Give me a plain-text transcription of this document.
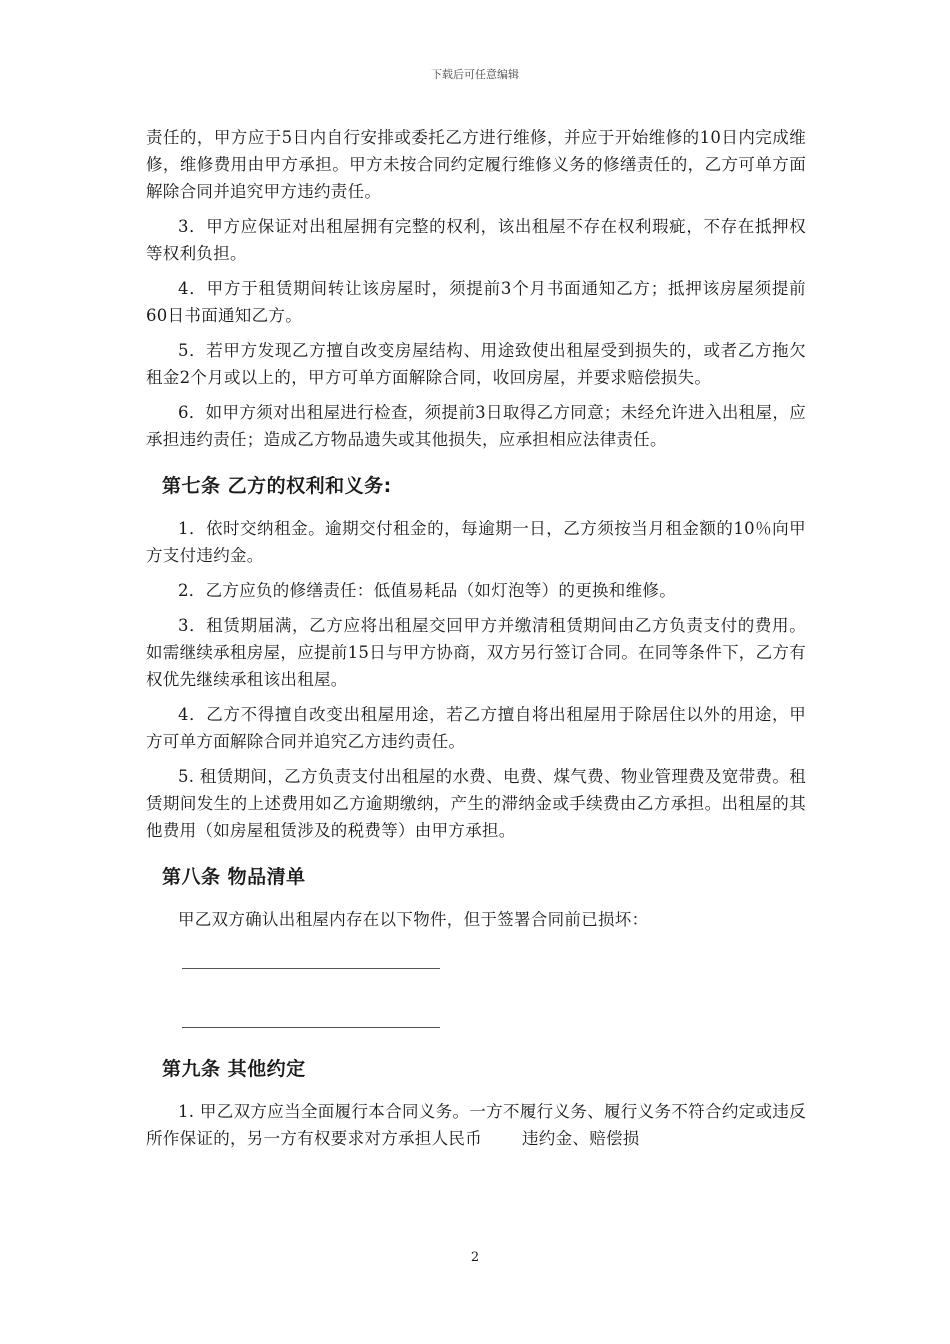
下载后可任意编辑

责任的，甲方应于5日内自行安排或委托乙方进行维修，并应于开始维修的10日内完成维修，维修费用由甲方承担。甲方未按合同约定履行维修义务的修缮责任的，乙方可单方面解除合同并追究甲方违约责任。

3．甲方应保证对出租屋拥有完整的权利，该出租屋不存在权利瑕疵，不存在抵押权等权利负担。

4．甲方于租赁期间转让该房屋时，须提前3个月书面通知乙方；抵押该房屋须提前60日书面通知乙方。

5．若甲方发现乙方擅自改变房屋结构、用途致使出租屋受到损失的，或者乙方拖欠租金2个月或以上的，甲方可单方面解除合同，收回房屋，并要求赔偿损失。

6．如甲方须对出租屋进行检查，须提前3日取得乙方同意；未经允许进入出租屋，应承担违约责任；造成乙方物品遗失或其他损失，应承担相应法律责任。

第七条 乙方的权利和义务:

1．依时交纳租金。逾期交付租金的，每逾期一日，乙方须按当月租金额的10％向甲方支付违约金。

2．乙方应负的修缮责任：低值易耗品（如灯泡等）的更换和维修。

3．租赁期届满，乙方应将出租屋交回甲方并缴清租赁期间由乙方负责支付的费用。如需继续承租房屋，应提前15日与甲方协商，双方另行签订合同。在同等条件下，乙方有权优先继续承租该出租屋。

4．乙方不得擅自改变出租屋用途，若乙方擅自将出租屋用于除居住以外的用途，甲方可单方面解除合同并追究乙方违约责任。

5. 租赁期间，乙方负责支付出租屋的水费、电费、煤气费、物业管理费及宽带费。租赁期间发生的上述费用如乙方逾期缴纳，产生的滞纳金或手续费由乙方承担。出租屋的其他费用（如房屋租赁涉及的税费等）由甲方承担。

第八条 物品清单

甲乙双方确认出租屋内存在以下物件，但于签署合同前已损坏：

第九条 其他约定

1. 甲乙双方应当全面履行本合同义务。一方不履行义务、履行义务不符合约定或违反所作保证的，另一方有权要求对方承担人民币 违约金、赔偿损

2
